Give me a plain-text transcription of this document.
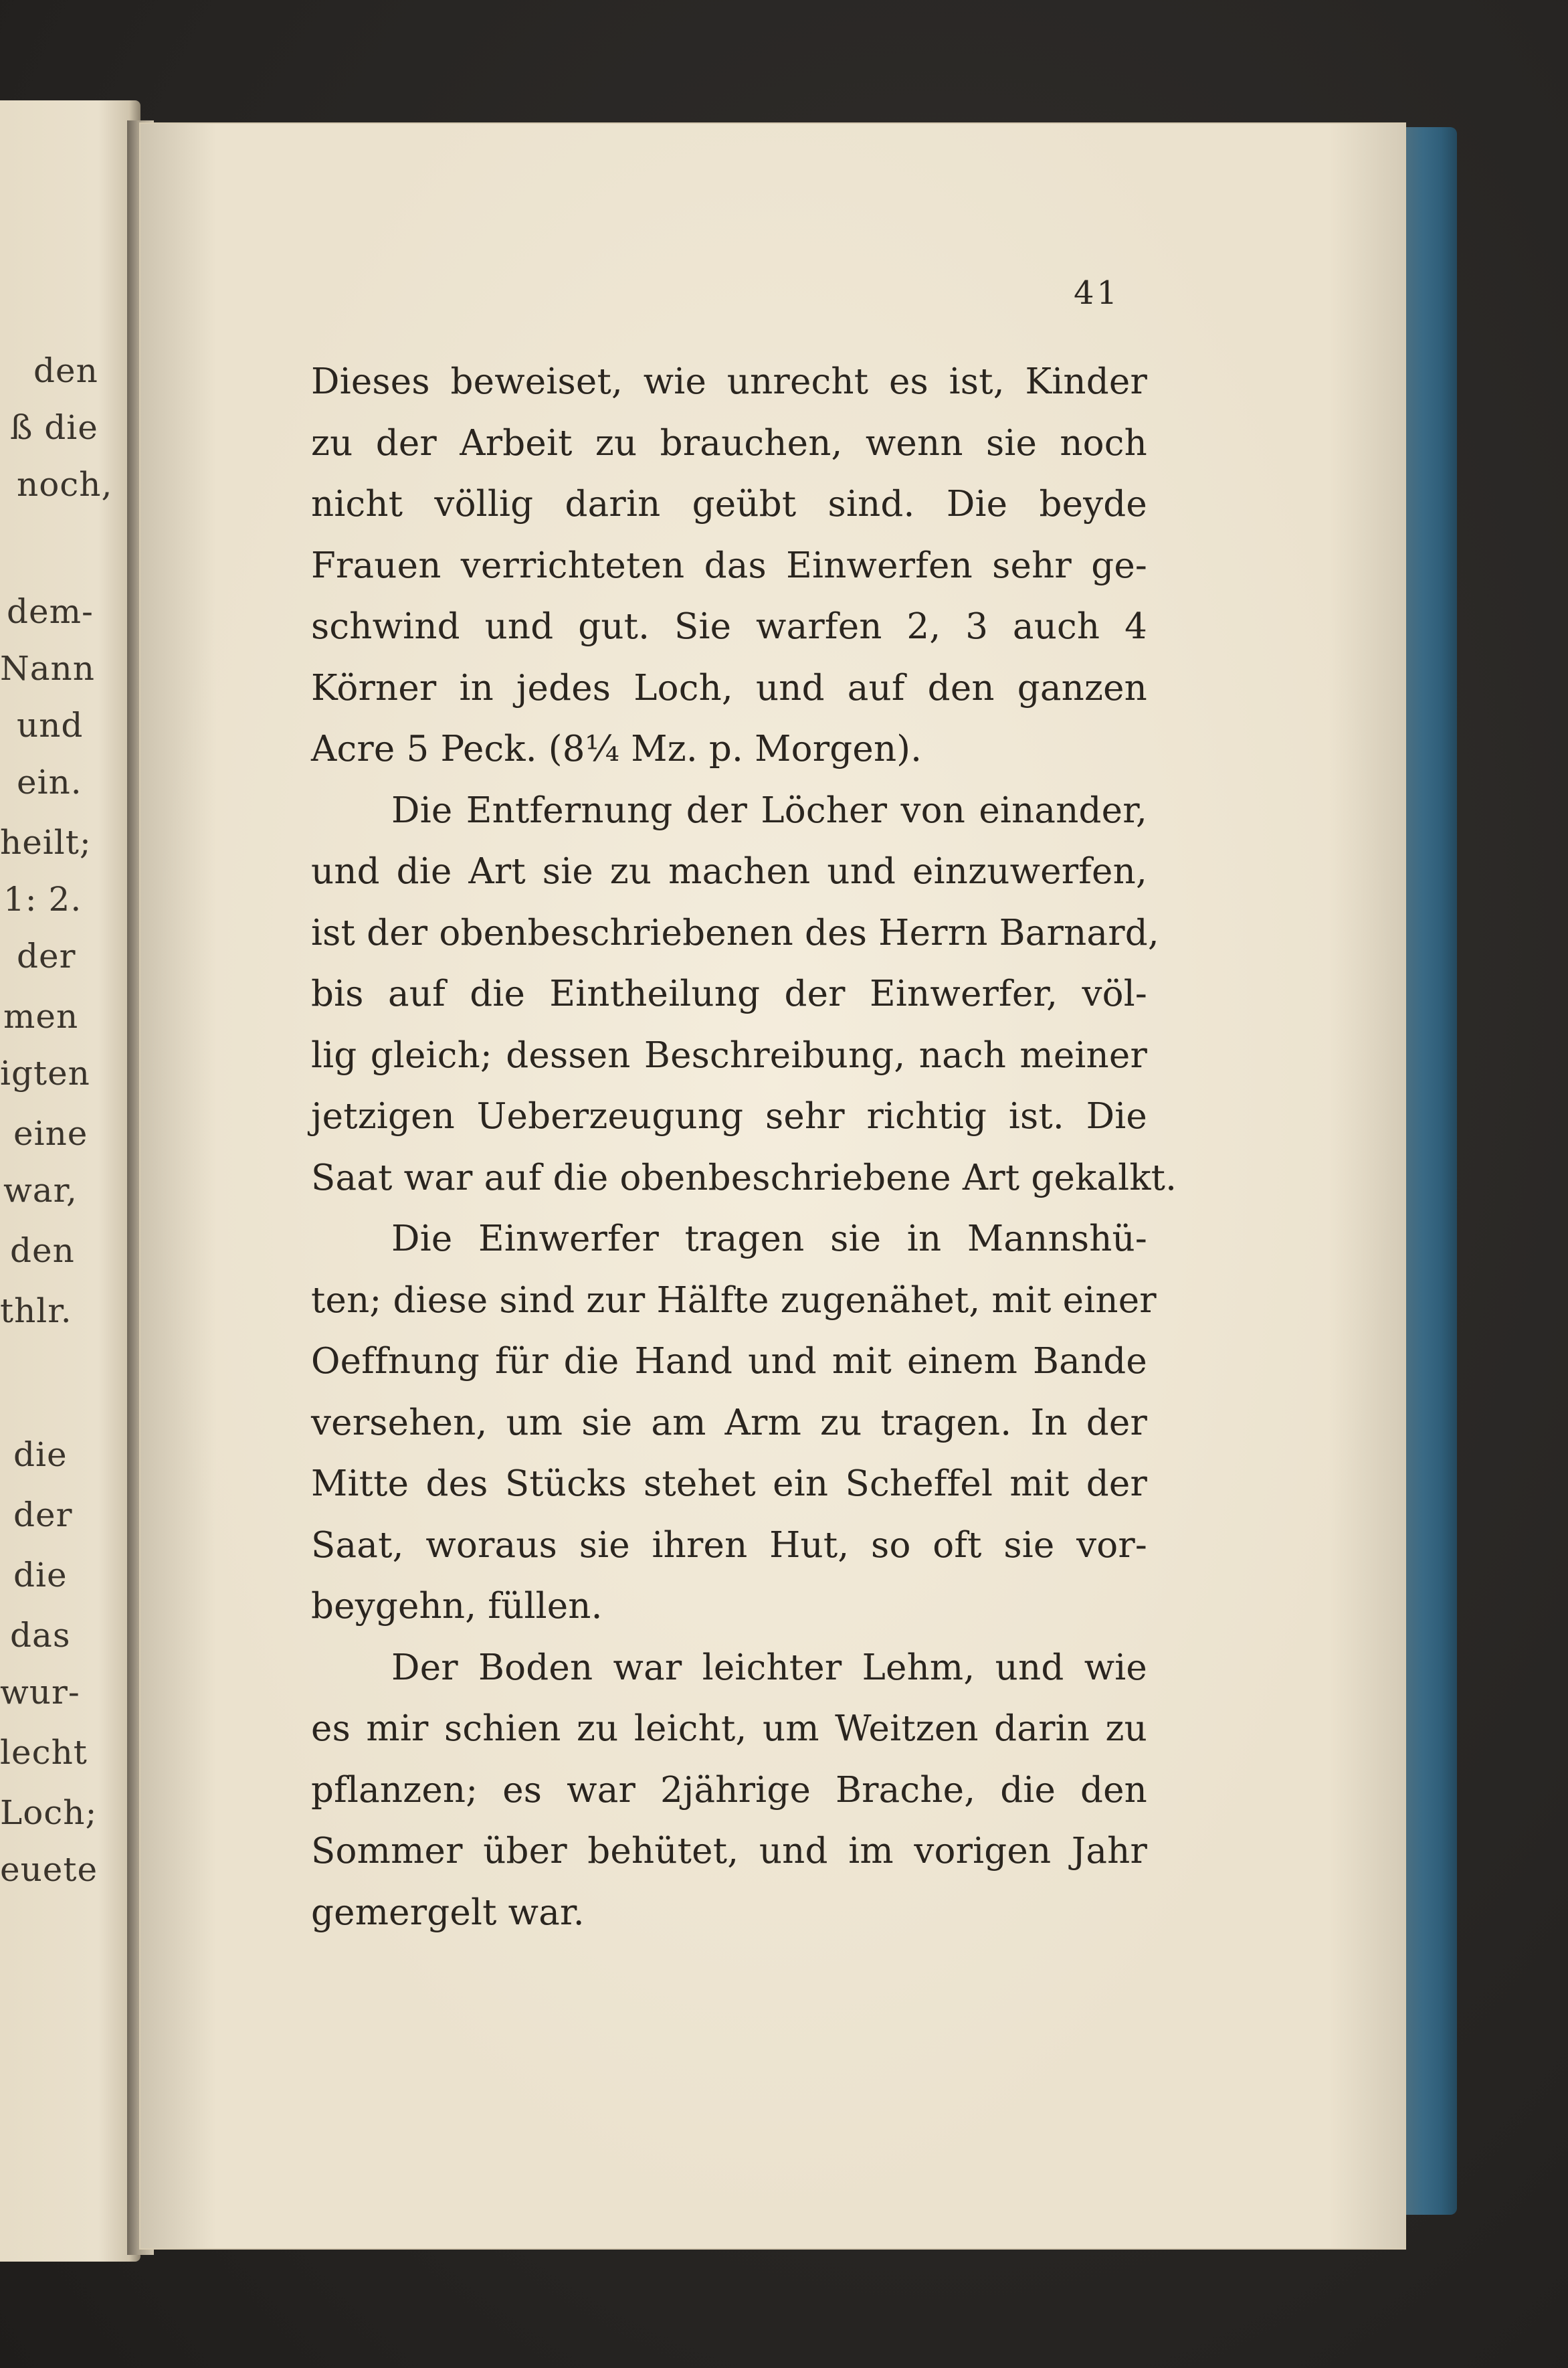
den
ß die
noch,
dem-
Nann
und
ein.
heilt;
1: 2.
der
men
igten
eine
war,
den
thlr.
die
der
die
das
wur-
lecht
Loch;
euete
41
Dieses beweiset, wie unrecht es ist, Kinder
zu der Arbeit zu brauchen, wenn sie noch
nicht völlig darin geübt sind. Die beyde
Frauen verrichteten das Einwerfen sehr ge-
schwind und gut. Sie warfen 2, 3 auch 4
Körner in jedes Loch, und auf den ganzen
Acre 5 Peck. (8¼ Mz. p. Morgen).
Die Entfernung der Löcher von einander,
und die Art sie zu machen und einzuwerfen,
ist der obenbeschriebenen des Herrn Barnard,
bis auf die Eintheilung der Einwerfer, völ-
lig gleich; dessen Beschreibung, nach meiner
jetzigen Ueberzeugung sehr richtig ist. Die
Saat war auf die obenbeschriebene Art gekalkt.
Die Einwerfer tragen sie in Mannshü-
ten; diese sind zur Hälfte zugenähet, mit einer
Oeffnung für die Hand und mit einem Bande
versehen, um sie am Arm zu tragen. In der
Mitte des Stücks stehet ein Scheffel mit der
Saat, woraus sie ihren Hut, so oft sie vor-
beygehn, füllen.
Der Boden war leichter Lehm, und wie
es mir schien zu leicht, um Weitzen darin zu
pflanzen; es war 2jährige Brache, die den
Sommer über behütet, und im vorigen Jahr
gemergelt war.
